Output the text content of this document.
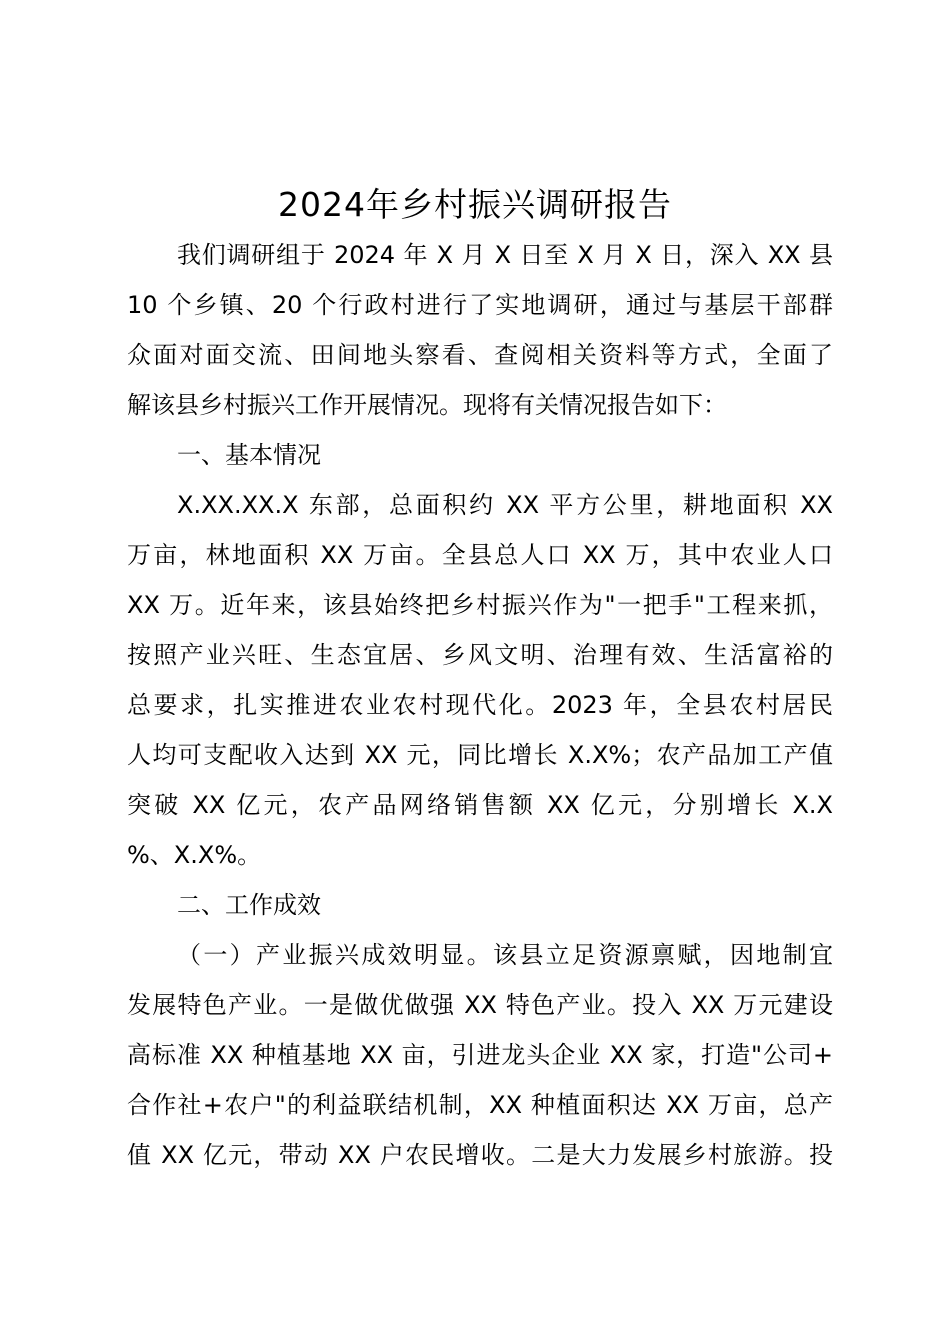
2024年乡村振兴调研报告
我们调研组于 2024 年 X 月 X 日至 X 月 X 日，深入 XX 县
10 个乡镇、20 个行政村进行了实地调研，通过与基层干部群
众面对面交流、田间地头察看、查阅相关资料等方式，全面了
解该县乡村振兴工作开展情况。现将有关情况报告如下：
一、基本情况
X.XX.XX.X 东部，总面积约 XX 平方公里，耕地面积 XX
万亩，林地面积 XX 万亩。全县总人口 XX 万，其中农业人口
XX 万。近年来，该县始终把乡村振兴作为"一把手"工程来抓，
按照产业兴旺、生态宜居、乡风文明、治理有效、生活富裕的
总要求，扎实推进农业农村现代化。2023 年，全县农村居民
人均可支配收入达到 XX 元，同比增长 X.X%；农产品加工产值
突破 XX 亿元，农产品网络销售额 XX 亿元，分别增长 X.X
%、X.X%。
二、工作成效
（一）产业振兴成效明显。该县立足资源禀赋，因地制宜
发展特色产业。一是做优做强 XX 特色产业。投入 XX 万元建设
高标准 XX 种植基地 XX 亩，引进龙头企业 XX 家，打造"公司+
合作社+农户"的利益联结机制，XX 种植面积达 XX 万亩，总产
值 XX 亿元，带动 XX 户农民增收。二是大力发展乡村旅游。投
